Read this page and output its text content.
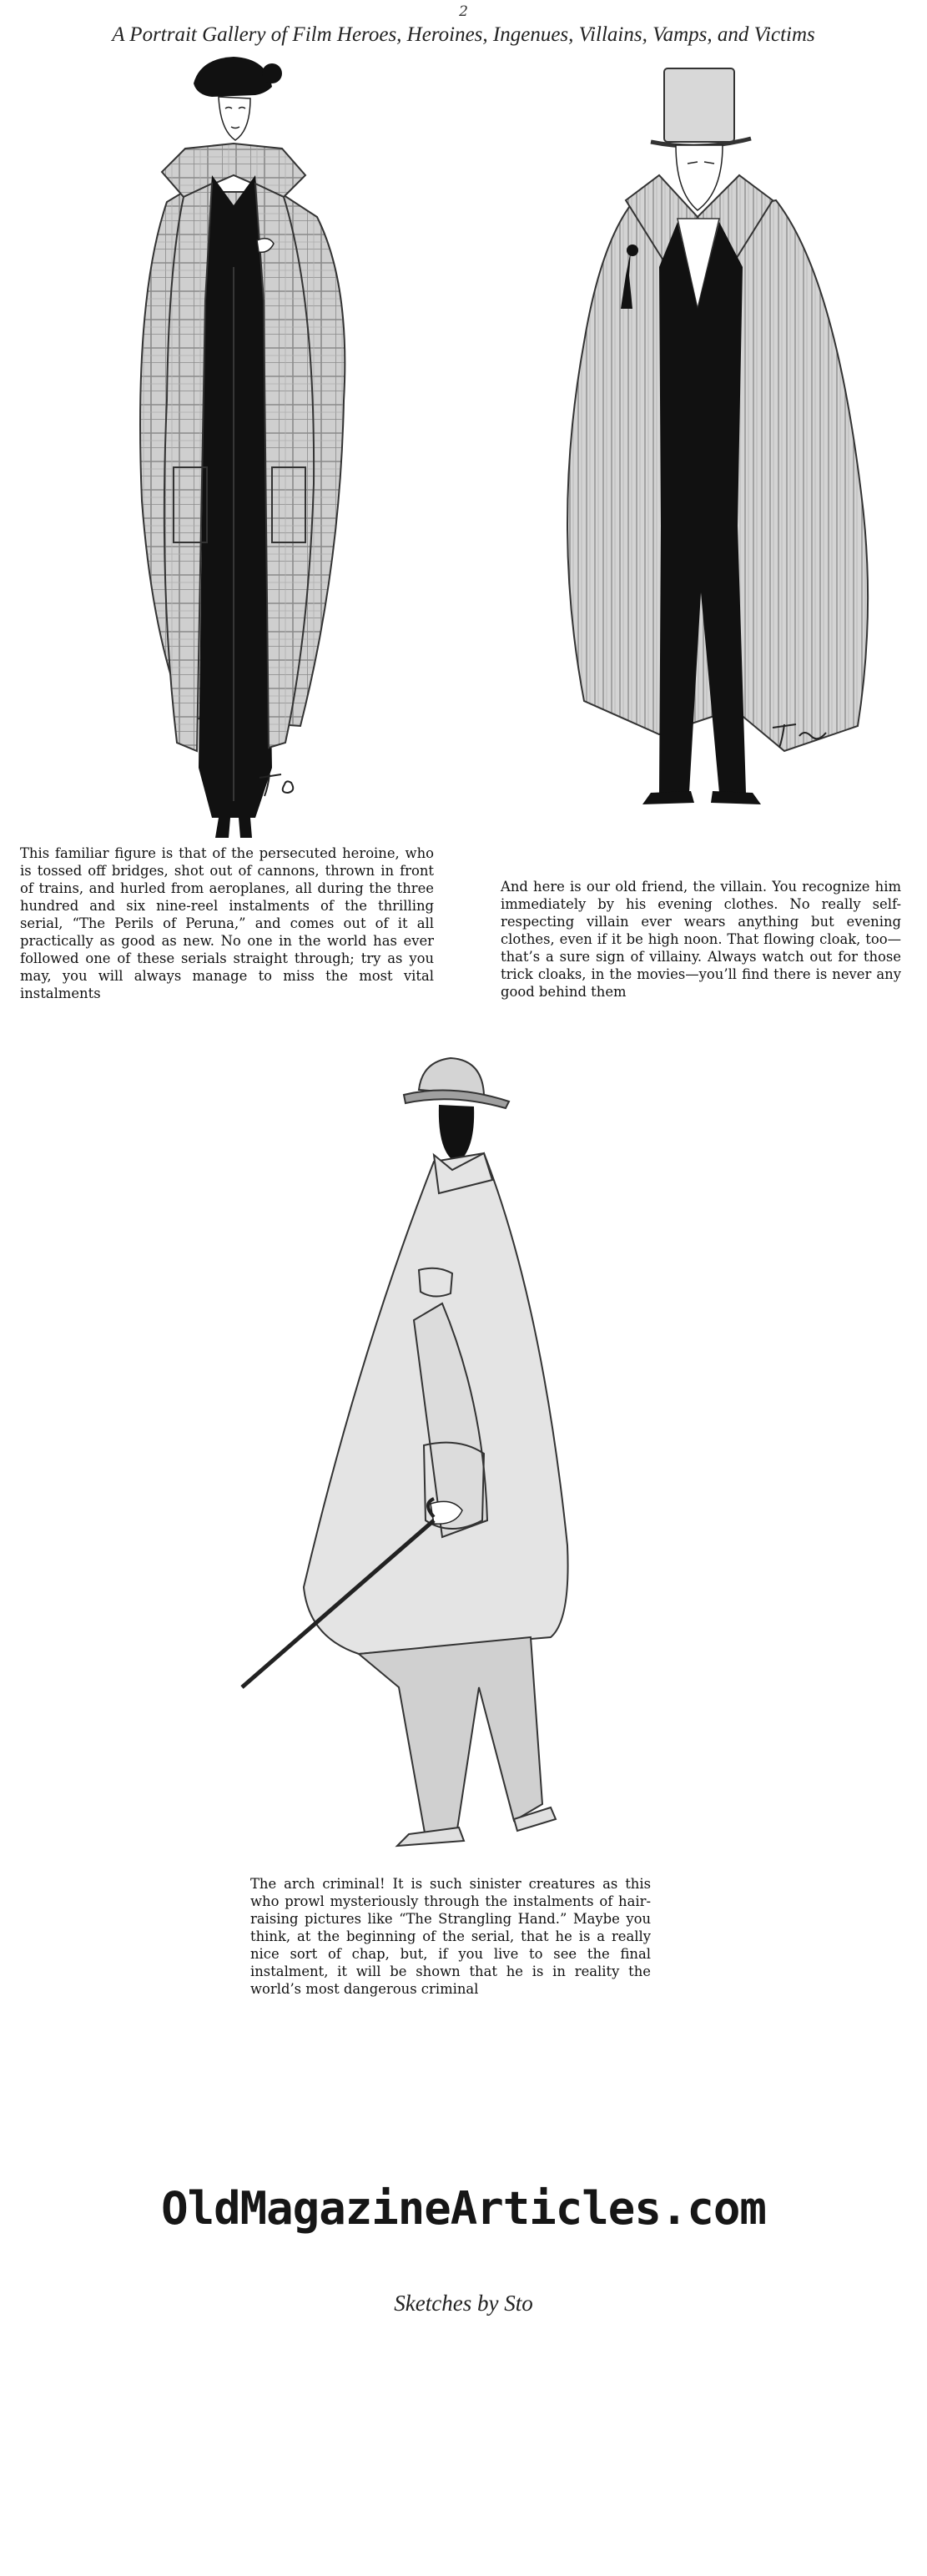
2
A Portrait Gallery of Film Heroes, Heroines, Ingenues, Villains, Vamps, and Victims

This familiar figure is that of the persecuted heroine, who is tossed off bridges, shot out of cannons, thrown in front of trains, and hurled from aeroplanes, all during the three hundred and six nine-reel instalments of the thrilling serial, “The Perils of Peruna,” and comes out of it all practically as good as new. No one in the world has ever followed one of these serials straight through; try as you may, you will always manage to miss the most vital instalments

And here is our old friend, the villain. You recognize him immediately by his evening clothes. No really self-respecting villain ever wears anything but evening clothes, even if it be high noon. That flowing cloak, too—that’s a sure sign of villainy. Always watch out for those trick cloaks, in the movies—you’ll find there is never any good behind them

The arch criminal! It is such sinister creatures as this who prowl mysteriously through the instalments of hair-raising pictures like “The Strangling Hand.” Maybe you think, at the beginning of the serial, that he is a really nice sort of chap, but, if you live to see the final instalment, it will be shown that he is in reality the world’s most dangerous criminal

OldMagazineArticles.com
Sketches by Sto
